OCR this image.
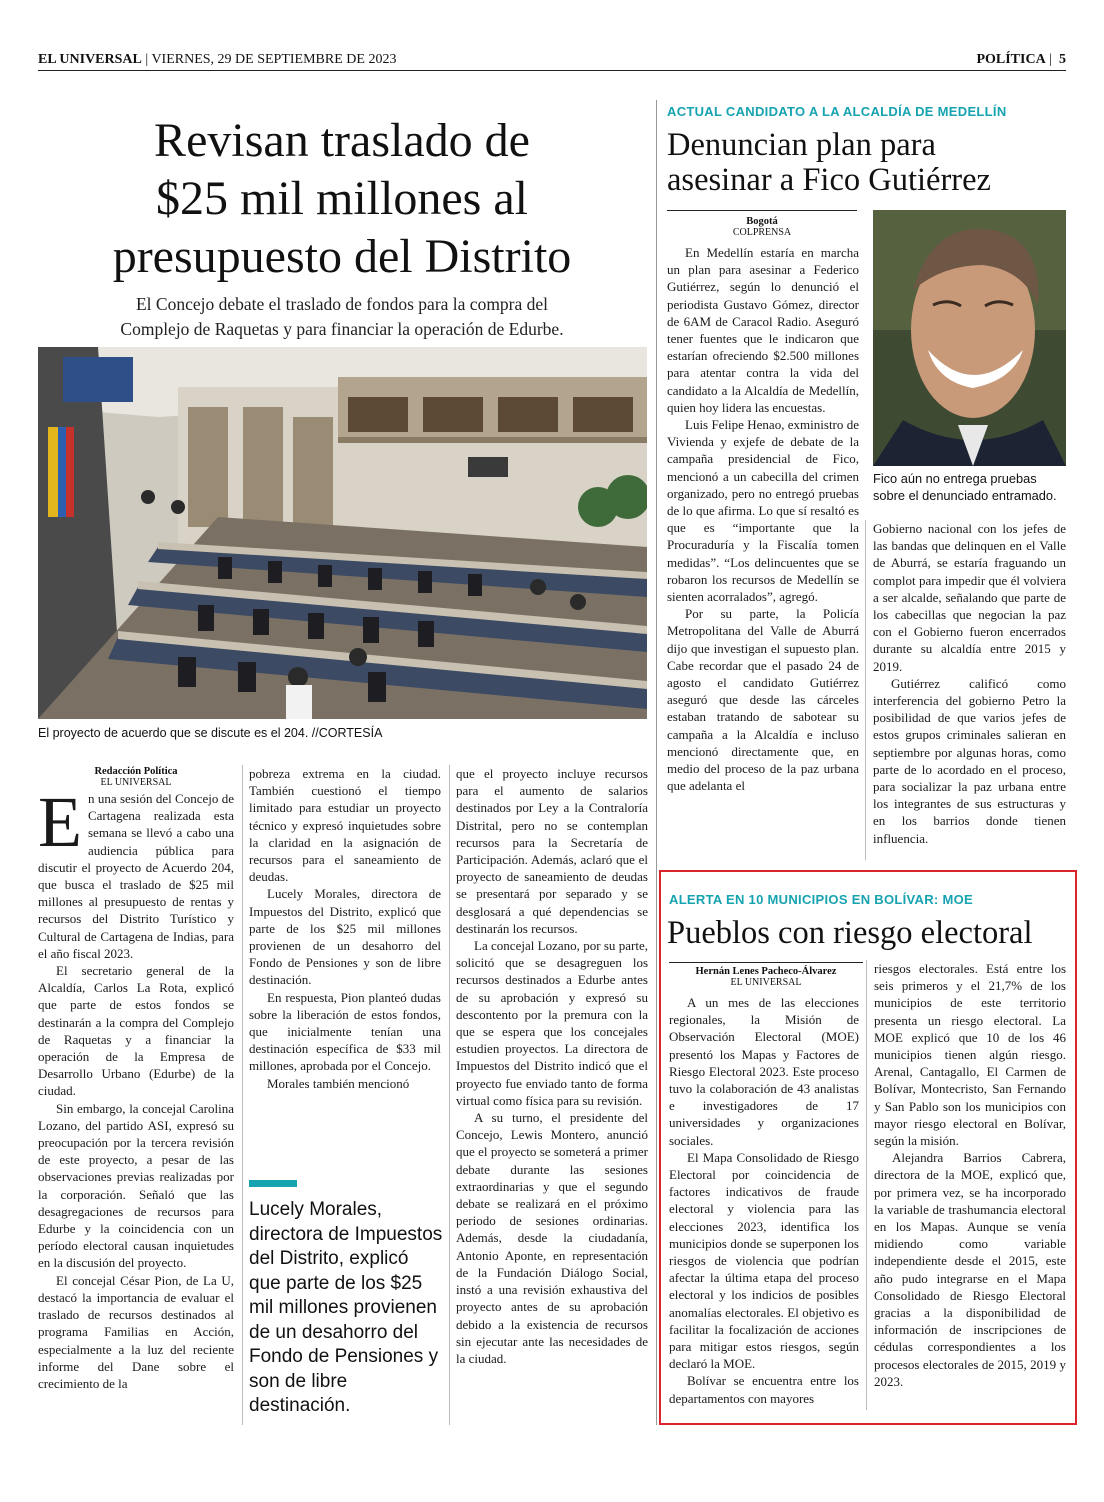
EL UNIVERSAL | VIERNES, 29 DE SEPTIEMBRE DE 2023	POLÍTICA |  5
Revisan traslado de
$25 mil millones al
presupuesto del Distrito
El Concejo debate el traslado de fondos para la compra del
Complejo de Raquetas y para financiar la operación de Edurbe.
El proyecto de acuerdo que se discute es el 204. //CORTESÍA
Redacción Política
EL UNIVERSAL

En una sesión del Concejo de Cartagena realizada esta semana se llevó a cabo una audiencia pública para discutir el proyecto de Acuerdo 204, que busca el traslado de $25 mil millones al presupuesto de rentas y recursos del Distrito Turístico y Cultural de Cartagena de Indias, para el año fiscal 2023.

El secretario general de la Alcaldía, Carlos La Rota, explicó que parte de estos fondos se destinarán a la compra del Complejo de Raquetas y a financiar la operación de la Empresa de Desarrollo Urbano (Edurbe) de la ciudad.

Sin embargo, la concejal Carolina Lozano, del partido ASI, expresó su preocupación por la tercera revisión de este proyecto, a pesar de las observaciones previas realizadas por la corporación. Señaló que las desagregaciones de recursos para Edurbe y la coincidencia con un período electoral causan inquietudes en la discusión del proyecto.

El concejal César Pion, de La U, destacó la importancia de evaluar el traslado de recursos destinados al programa Familias en Acción, especialmente a la luz del reciente informe del Dane sobre el crecimiento de la

pobreza extrema en la ciudad. También cuestionó el tiempo limitado para estudiar un proyecto técnico y expresó inquietudes sobre la claridad en la asignación de recursos para el saneamiento de deudas.

Lucely Morales, directora de Impuestos del Distrito, explicó que parte de los $25 mil millones provienen de un desahorro del Fondo de Pensiones y son de libre destinación.

En respuesta, Pion planteó dudas sobre la liberación de estos fondos, que inicialmente tenían una destinación específica de $33 mil millones, aprobada por el Concejo.

Morales también mencionó

Lucely Morales, directora de Impuestos del Distrito, explicó que parte de los $25 mil millones provienen de un desahorro del Fondo de Pensiones y son de libre destinación.

que el proyecto incluye recursos para el aumento de salarios destinados por Ley a la Contraloría Distrital, pero no se contemplan recursos para la Secretaría de Participación. Además, aclaró que el proyecto de saneamiento de deudas se presentará por separado y se desglosará a qué dependencias se destinarán los recursos.

La concejal Lozano, por su parte, solicitó que se desagreguen los recursos destinados a Edurbe antes de su aprobación y expresó su descontento por la premura con la que se espera que los concejales estudien proyectos. La directora de Impuestos del Distrito indicó que el proyecto fue enviado tanto de forma virtual como física para su revisión.

A su turno, el presidente del Concejo, Lewis Montero, anunció que el proyecto se someterá a primer debate durante las sesiones extraordinarias y que el segundo debate se realizará en el próximo periodo de sesiones ordinarias. Además, desde la ciudadanía, Antonio Aponte, en representación de la Fundación Diálogo Social, instó a una revisión exhaustiva del proyecto antes de su aprobación debido a la existencia de recursos sin ejecutar ante las necesidades de la ciudad.

ACTUAL CANDIDATO A LA ALCALDÍA DE MEDELLÍN
Denuncian plan para
asesinar a Fico Gutiérrez
Bogotá
COLPRENSA
Fico aún no entrega pruebas sobre el denunciado entramado.

En Medellín estaría en marcha un plan para asesinar a Federico Gutiérrez, según lo denunció el periodista Gustavo Gómez, director de 6AM de Caracol Radio. Aseguró tener fuentes que le indicaron que estarían ofreciendo $2.500 millones para atentar contra la vida del candidato a la Alcaldía de Medellín, quien hoy lidera las encuestas.

Luis Felipe Henao, exministro de Vivienda y exjefe de debate de la campaña presidencial de Fico, mencionó a un cabecilla del crimen organizado, pero no entregó pruebas de lo que afirma. Lo que sí resaltó es que es “importante que la Procuraduría y la Fiscalía tomen medidas”. “Los delincuentes que se robaron los recursos de Medellín se sienten acorralados”, agregó.

Por su parte, la Policía Metropolitana del Valle de Aburrá dijo que investigan el supuesto plan. Cabe recordar que el pasado 24 de agosto el candidato Gutiérrez aseguró que desde las cárceles estaban tratando de sabotear su campaña a la Alcaldía e incluso mencionó directamente que, en medio del proceso de la paz urbana que adelanta el

Gobierno nacional con los jefes de las bandas que delinquen en el Valle de Aburrá, se estaría fraguando un complot para impedir que él volviera a ser alcalde, señalando que parte de los cabecillas que negocian la paz con el Gobierno fueron encerrados durante su alcaldía entre 2015 y 2019.

Gutiérrez calificó como interferencia del gobierno Petro la posibilidad de que varios jefes de estos grupos criminales salieran en septiembre por algunas horas, como parte de lo acordado en el proceso, para socializar la paz urbana entre los integrantes de sus estructuras y en los barrios donde tienen influencia.

ALERTA EN 10 MUNICIPIOS EN BOLÍVAR: MOE
Pueblos con riesgo electoral
Hernán Lenes Pacheco-Álvarez
EL UNIVERSAL

A un mes de las elecciones regionales, la Misión de Observación Electoral (MOE) presentó los Mapas y Factores de Riesgo Electoral 2023. Este proceso tuvo la colaboración de 43 analistas e investigadores de 17 universidades y organizaciones sociales.

El Mapa Consolidado de Riesgo Electoral por coincidencia de factores indicativos de fraude electoral y violencia para las elecciones 2023, identifica los municipios donde se superponen los riesgos de violencia que podrían afectar la última etapa del proceso electoral y los indicios de posibles anomalías electorales. El objetivo es facilitar la focalización de acciones para mitigar estos riesgos, según declaró la MOE.

Bolívar se encuentra entre los departamentos con mayores

riesgos electorales. Está entre los seis primeros y el 21,7% de los municipios de este territorio presenta un riesgo electoral. La MOE explicó que 10 de los 46 municipios tienen algún riesgo. Arenal, Cantagallo, El Carmen de Bolívar, Montecristo, San Fernando y San Pablo son los municipios con mayor riesgo electoral en Bolívar, según la misión.

Alejandra Barrios Cabrera, directora de la MOE, explicó que, por primera vez, se ha incorporado la variable de trashumancia electoral en los Mapas. Aunque se venía midiendo como variable independiente desde el 2015, este año pudo integrarse en el Mapa Consolidado de Riesgo Electoral gracias a la disponibilidad de información de inscripciones de cédulas correspondientes a los procesos electorales de 2015, 2019 y 2023.
